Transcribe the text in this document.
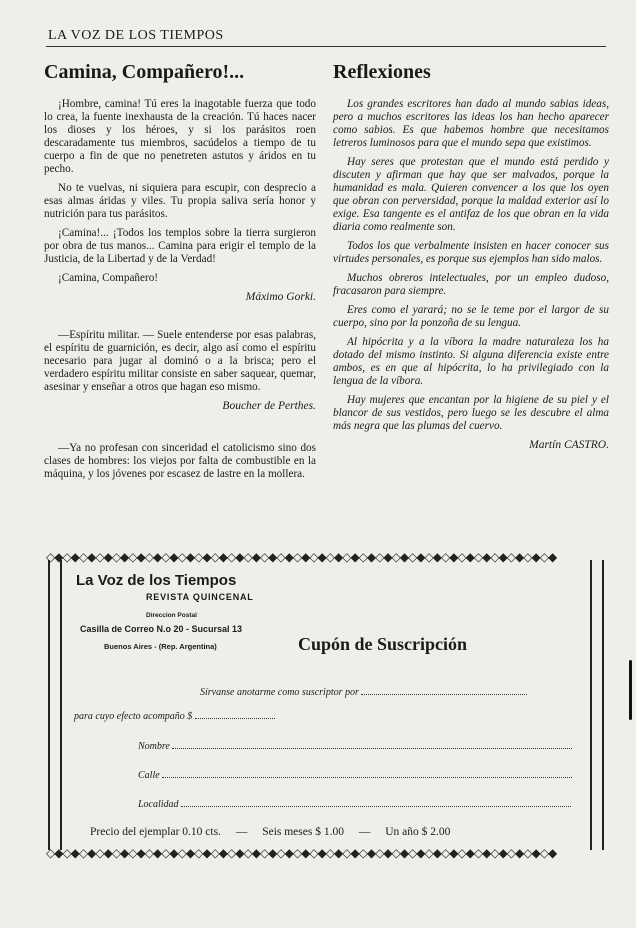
LA VOZ DE LOS TIEMPOS
Camina, Compañero!...

¡Hombre, camina! Tú eres la inagotable fuerza que todo lo crea, la fuente inexhausta de la creación. Tú haces nacer los dioses y los héroes, y si los parásitos roen descaradamente tus miembros, sacúdelos a tiempo de tu cuerpo a fin de que no penetreten astutos y áridos en tu pecho.

No te vuelvas, ni siquiera para escupir, con desprecio a esas almas áridas y viles. Tu propia saliva sería honor y nutrición para tus parásitos.

¡Camina!... ¡Todos los templos sobre la tierra surgieron por obra de tus manos... Camina para erigir el templo de la Justicia, de la Libertad y de la Verdad!

¡Camina, Compañero!

Máximo Gorki.

—Espíritu militar. — Suele entenderse por esas palabras, el espíritu de guarnición, es decir, algo así como el espíritu necesario para jugar al dominó o a la brisca; pero el verdadero espíritu militar consiste en saber saquear, quemar, asesinar y enseñar a otros que hagan eso mismo.

Boucher de Perthes.

—Ya no profesan con sinceridad el catolicismo sino dos clases de hombres: los viejos por falta de combustible en la máquina, y los jóvenes por escasez de lastre en la mollera.

Reflexiones

Los grandes escritores han dado al mundo sabias ideas, pero a muchos escritores las ideas los han hecho aparecer como sabios. Es que habemos hombre que necesitamos letreros luminosos para que el mundo sepa que existimos.

Hay seres que protestan que el mundo está perdido y discuten y afirman que hay que ser malvados, porque la humanidad es mala. Quieren convencer a los que los oyen que obran con perversidad, porque la maldad exterior así lo exige. Esa tangente es el antifaz de los que obran en la vida diaria como realmente son.

Todos los que verbalmente insisten en hacer conocer sus virtudes personales, es porque sus ejemplos han sido malos.

Muchos obreros intelectuales, por un empleo dudoso, fracasaron para siempre.

Eres como el yarará; no se le teme por el largor de su cuerpo, sino por la ponzoña de su lengua.

Al hipócrita y a la víbora la madre naturaleza los ha dotado del mismo instinto. Si alguna diferencia existe entre ambos, es en que al hipócrita, lo ha privilegiado con la lengua de la víbora.

Hay mujeres que encantan por la higiene de su piel y el blancor de sus vestidos, pero luego se les descubre el alma más negra que las plumas del cuervo.

Martín CASTRO.
◇◆◇◆◇◆◇◆◇◆◇◆◇◆◇◆◇◆◇◆◇◆◇◆◇◆◇◆◇◆◇◆◇◆◇◆◇◆◇◆◇◆◇◆◇◆◇◆◇◆◇◆◇◆◇◆◇◆◇◆◇◆
◇◆◇◆◇◆◇◆◇◆◇◆◇◆◇◆◇◆◇◆◇◆◇◆◇◆◇◆◇◆◇◆◇◆◇◆◇◆◇◆◇◆◇◆◇◆◇◆◇◆◇◆◇◆◇◆◇◆◇◆◇◆
La Voz de los Tiempos
REVISTA QUINCENAL
Direccion Postal
Casilla de Correo N.o 20 - Sucursal 13
Buenos Aires - (Rep. Argentina)	Cupón de Suscripción
Sírvanse anotarme como suscriptor por
para cuyo efecto acompaño $
Nombre
Calle
Localidad
Precio del ejemplar 0.10 cts. — Seis meses $ 1.00 — Un año $ 2.00
